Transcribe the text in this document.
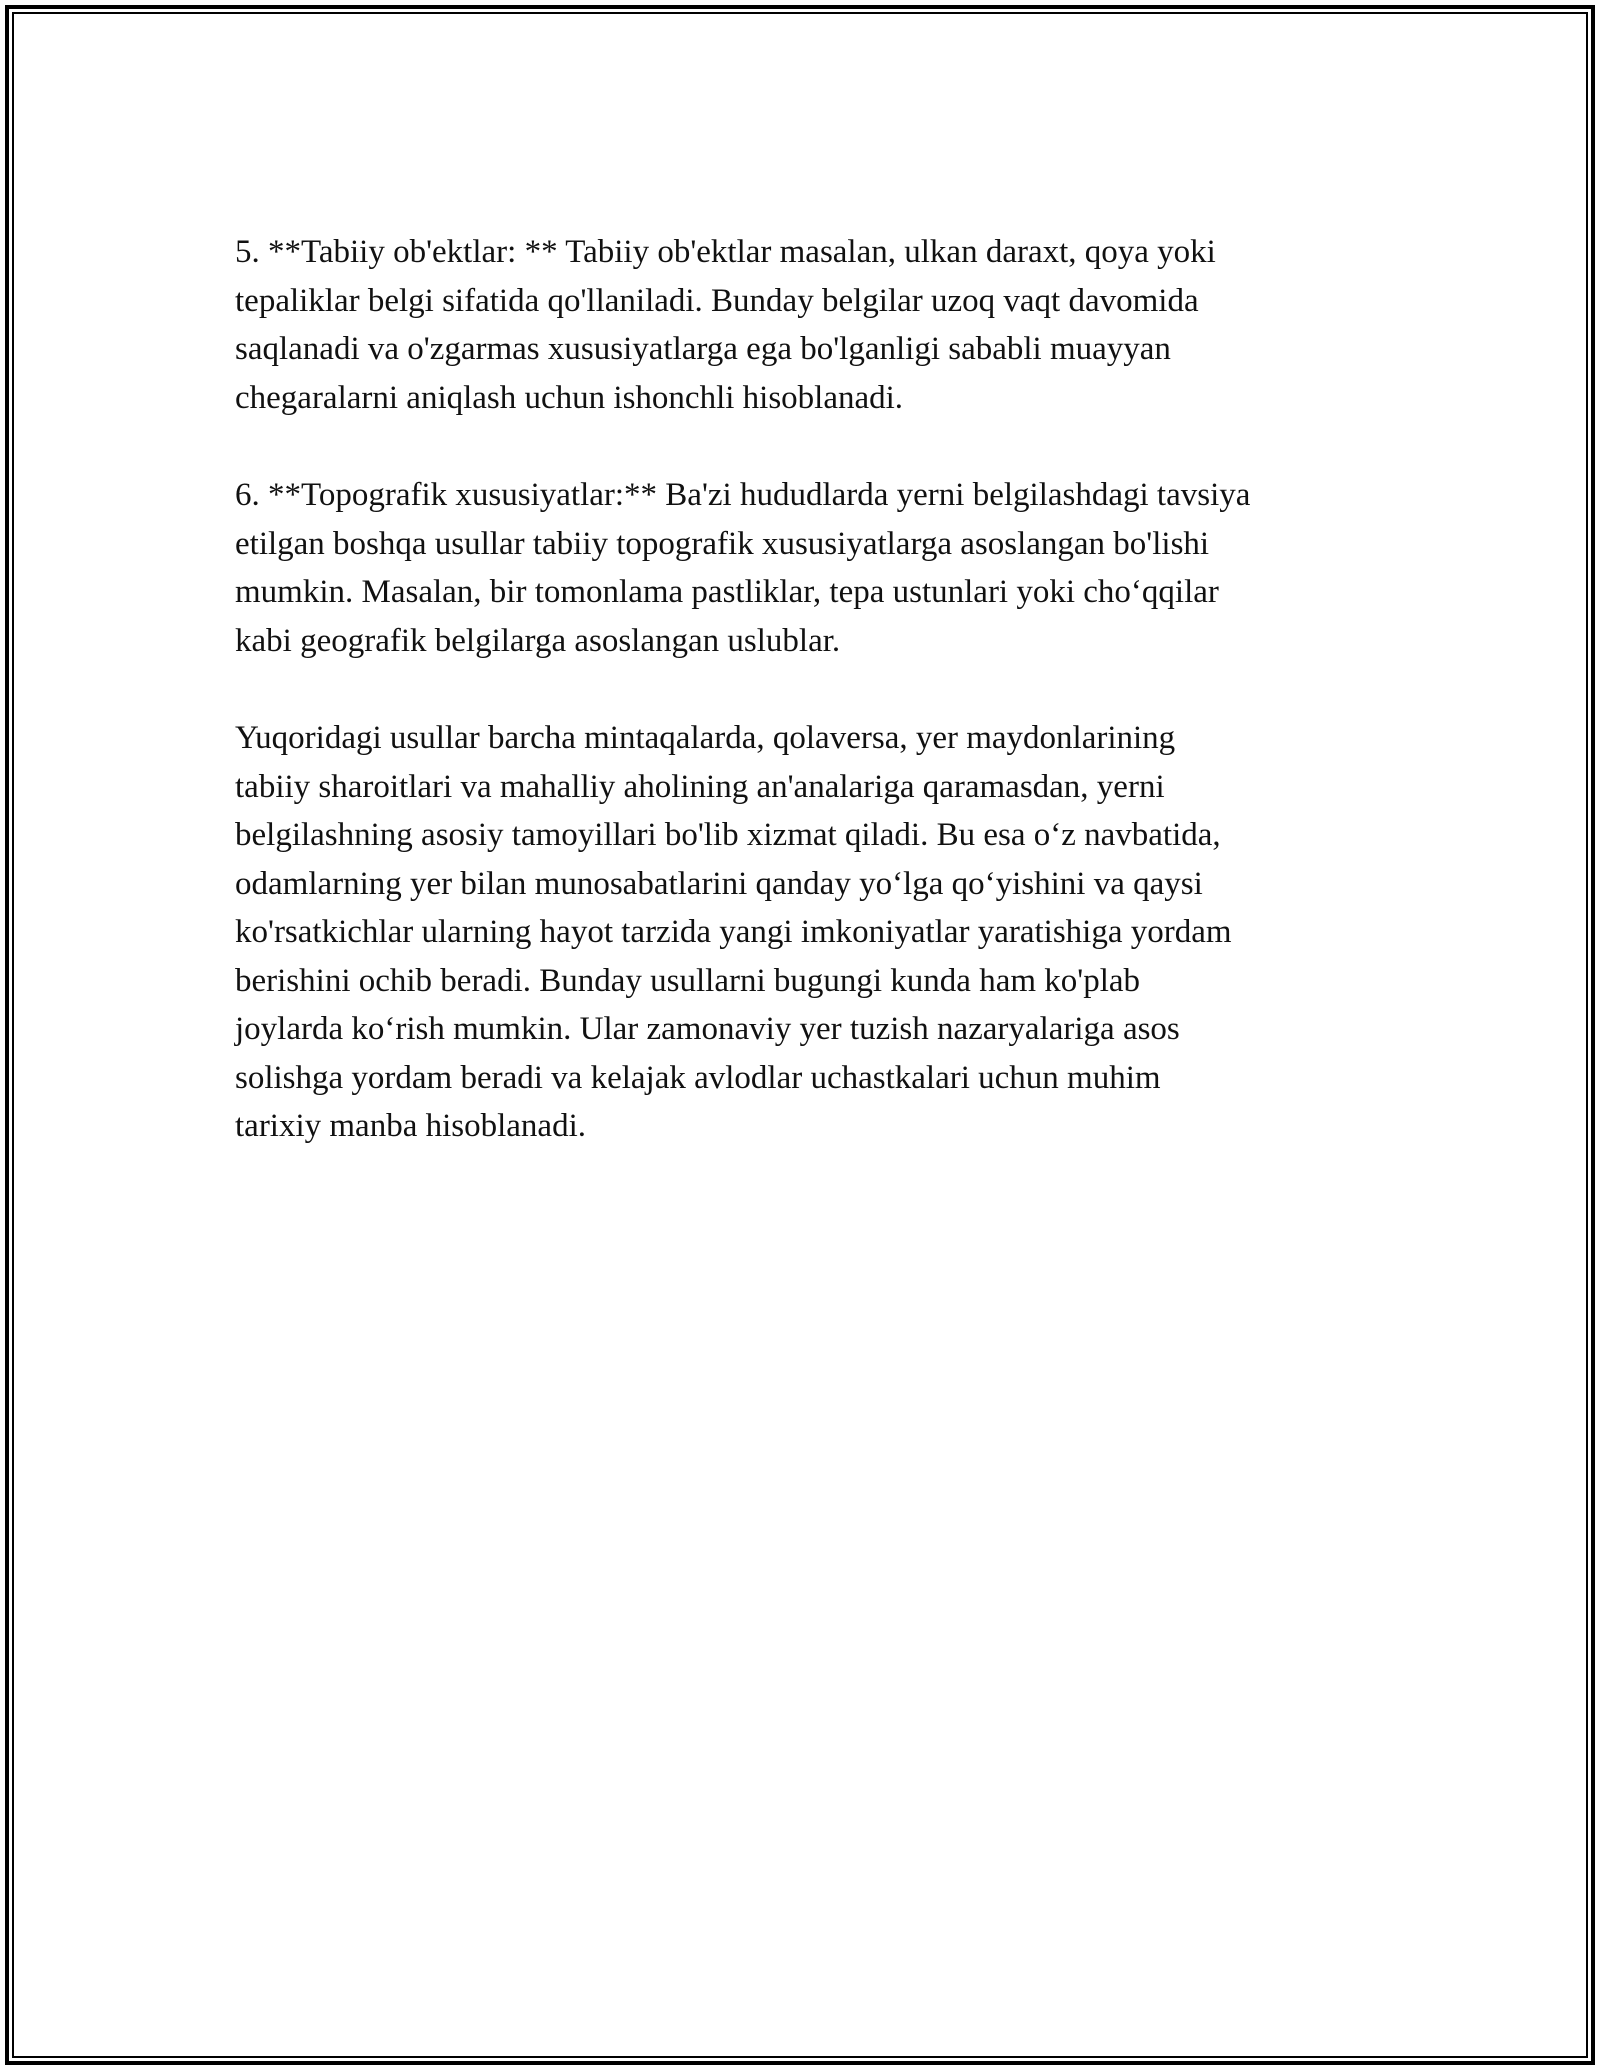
5. **Tabiiy ob'ektlar: ** Tabiiy ob'ektlar masalan, ulkan daraxt, qoya yoki
tepaliklar belgi sifatida qo'llaniladi. Bunday belgilar uzoq vaqt davomida
saqlanadi va o'zgarmas xususiyatlarga ega bo'lganligi sababli muayyan
chegaralarni aniqlash uchun ishonchli hisoblanadi.

6. **Topografik xususiyatlar:** Ba'zi hududlarda yerni belgilashdagi tavsiya
etilgan boshqa usullar tabiiy topografik xususiyatlarga asoslangan bo'lishi
mumkin. Masalan, bir tomonlama pastliklar, tepa ustunlari yoki cho‘qqilar
kabi geografik belgilarga asoslangan uslublar.

Yuqoridagi usullar barcha mintaqalarda, qolaversa, yer maydonlarining
tabiiy sharoitlari va mahalliy aholining an'analariga qaramasdan, yerni
belgilashning asosiy tamoyillari bo'lib xizmat qiladi. Bu esa o‘z navbatida,
odamlarning yer bilan munosabatlarini qanday yo‘lga qo‘yishini va qaysi
ko'rsatkichlar ularning hayot tarzida yangi imkoniyatlar yaratishiga yordam
berishini ochib beradi. Bunday usullarni bugungi kunda ham ko'plab
joylarda ko‘rish mumkin. Ular zamonaviy yer tuzish nazaryalariga asos
solishga yordam beradi va kelajak avlodlar uchastkalari uchun muhim
tarixiy manba hisoblanadi.
